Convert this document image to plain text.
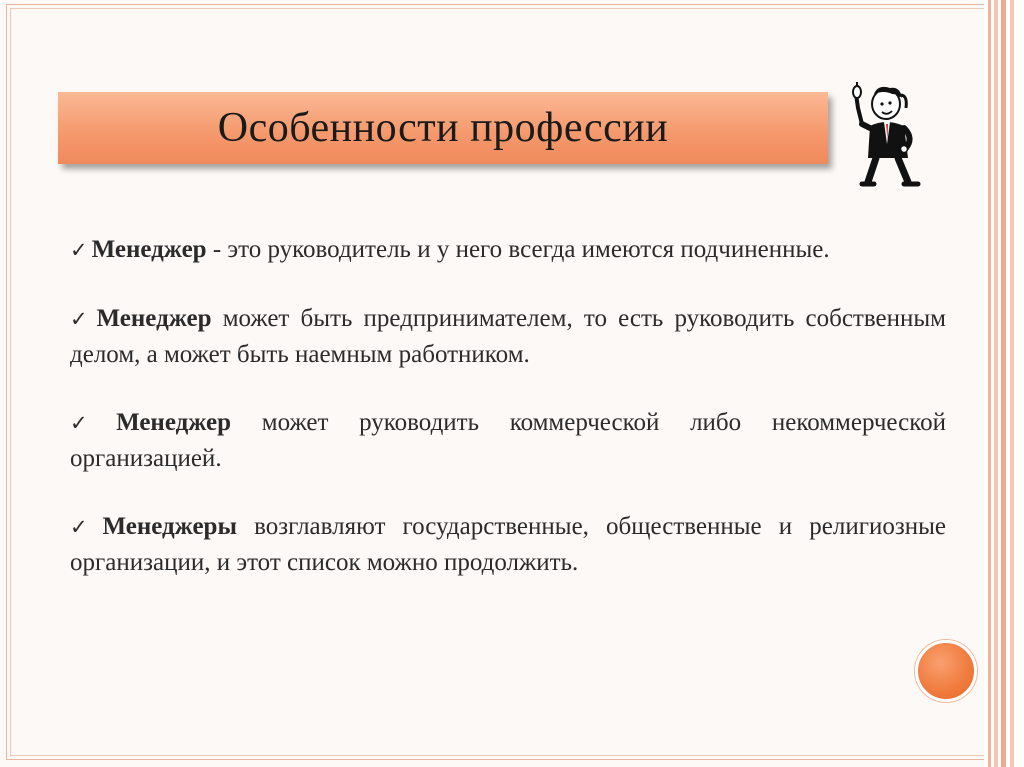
Особенности профессии

✓ Менеджер - это руководитель и у него всегда имеются подчиненные.

✓ Менеджер может быть предпринимателем, то есть руководить собственным делом, а может быть наемным работником.

✓ Менеджер может руководить коммерческой либо некоммерческой организацией.

✓ Менеджеры возглавляют государственные, общественные и религиозные организации, и этот список можно продолжить.
